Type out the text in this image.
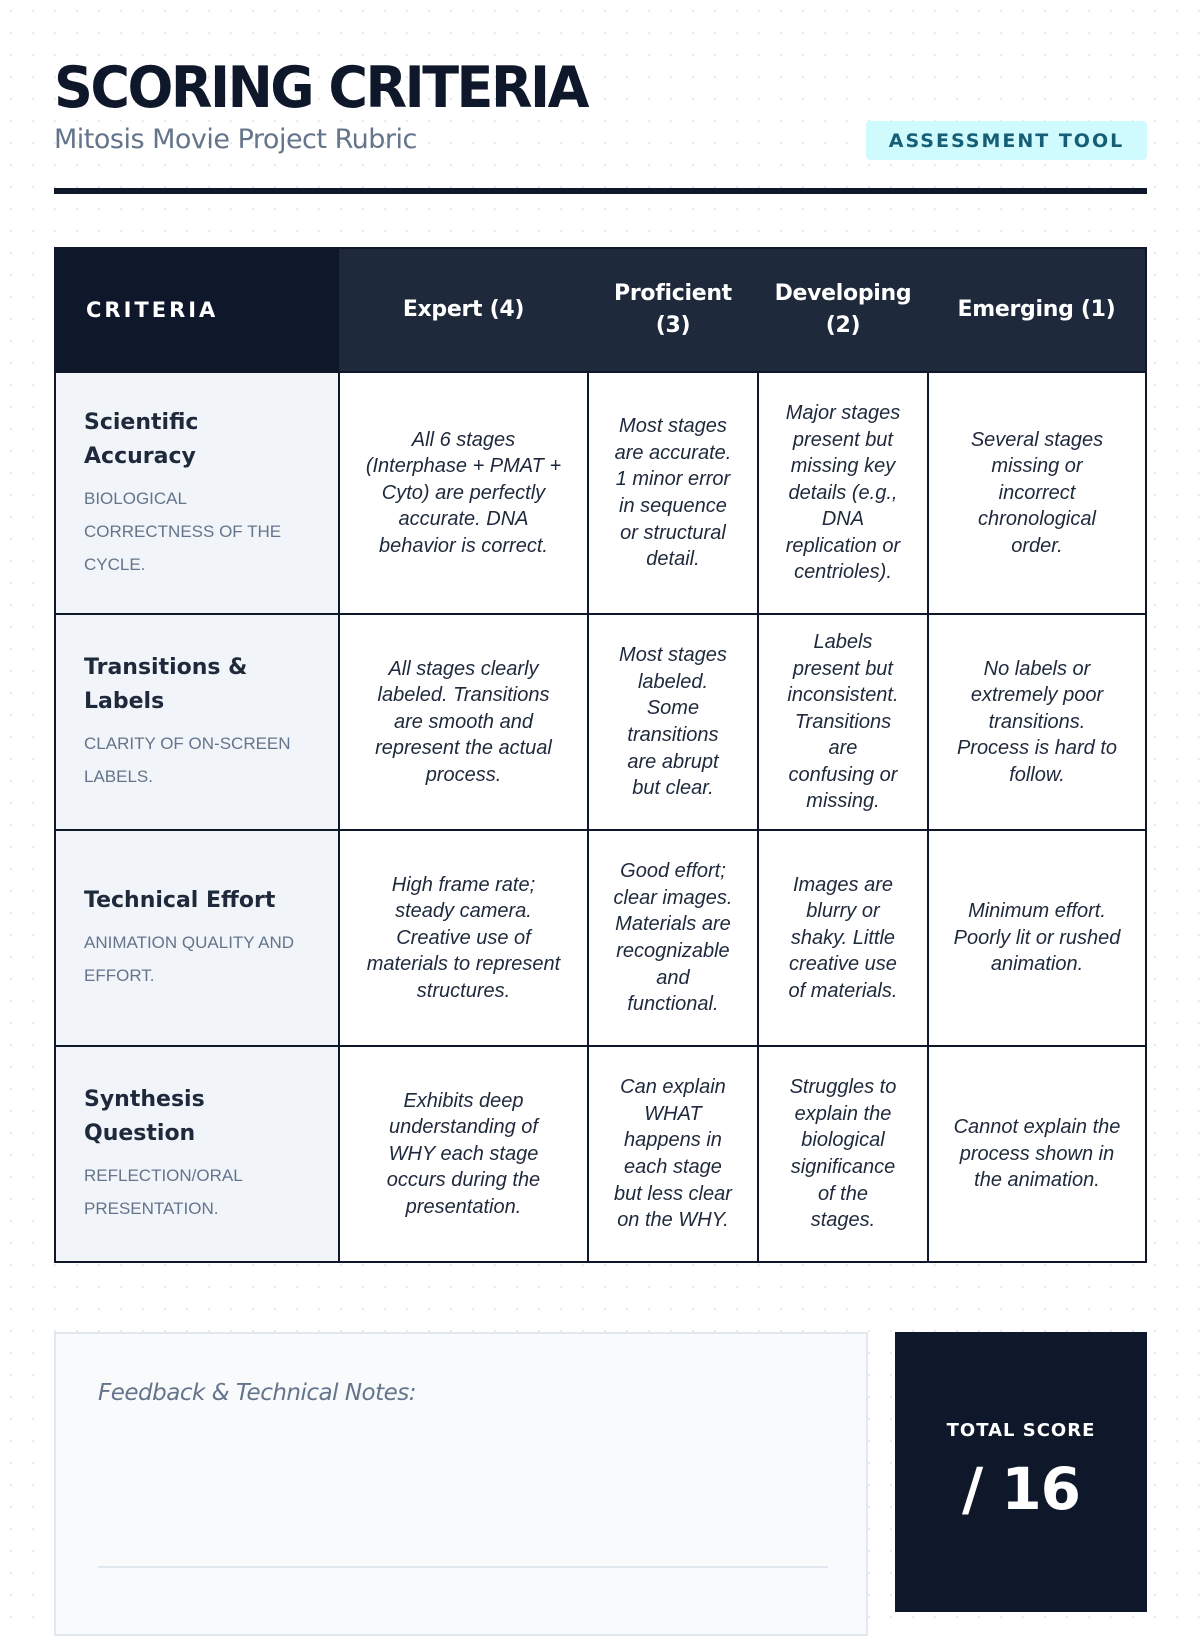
SCORING CRITERIA
Mitosis Movie Project Rubric	ASSESSMENT TOOL
CRITERIA	Expert (4)	Proficient (3)	Developing (2)	Emerging (1)

Scientific Accuracy
BIOLOGICAL CORRECTNESS OF THE CYCLE.	All 6 stages (Interphase + PMAT + Cyto) are perfectly accurate. DNA behavior is correct.	Most stages are accurate. 1 minor error in sequence or structural detail.	Major stages present but missing key details (e.g., DNA replication or centrioles).	Several stages missing or incorrect chronological order.

Transitions & Labels
CLARITY OF ON-SCREEN LABELS.	All stages clearly labeled. Transitions are smooth and represent the actual process.	Most stages labeled. Some transitions are abrupt but clear.	Labels present but inconsistent. Transitions are confusing or missing.	No labels or extremely poor transitions. Process is hard to follow.

Technical Effort
ANIMATION QUALITY AND EFFORT.	High frame rate; steady camera. Creative use of materials to represent structures.	Good effort; clear images. Materials are recognizable and functional.	Images are blurry or shaky. Little creative use of materials.	Minimum effort. Poorly lit or rushed animation.

Synthesis Question
REFLECTION/ORAL PRESENTATION.	Exhibits deep understanding of WHY each stage occurs during the presentation.	Can explain WHAT happens in each stage but less clear on the WHY.	Struggles to explain the biological significance of the stages.	Cannot explain the process shown in the animation.
Feedback & Technical Notes:
TOTAL SCORE
/ 16
